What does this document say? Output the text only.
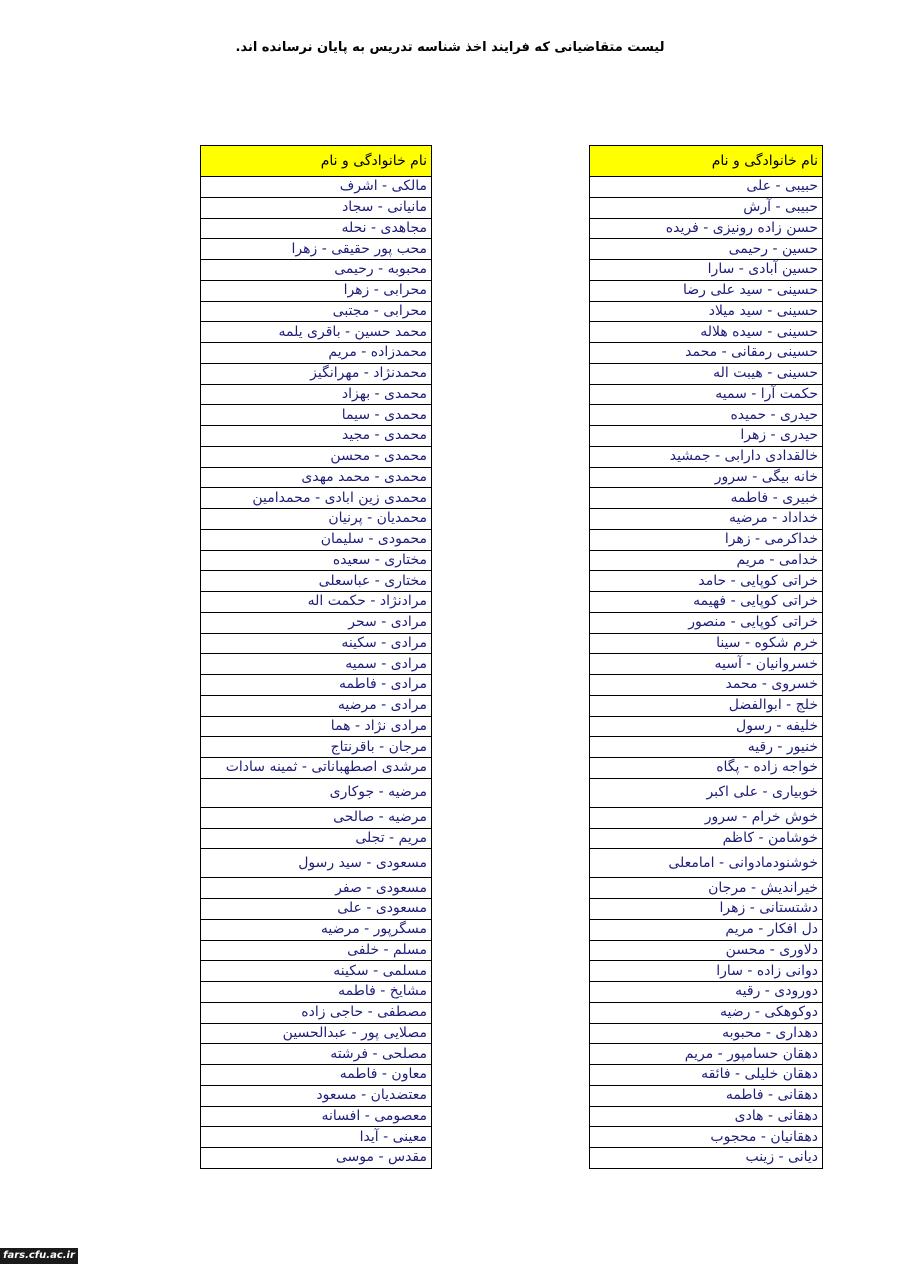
لیست متقاضیانی که فرایند اخذ شناسه تدریس به پایان نرسانده اند.
نام خانوادگی و نام
مالکی - اشرف
مانیانی - سجاد
مجاهدی - نحله
محب پور حقیقی - زهرا
محبوبه - رحیمی
محرابی - زهرا
محرابی - مجتبی
محمد حسین - باقری یلمه
محمدزاده - مریم
محمدنژاد - مهرانگیز
محمدی - بهزاد
محمدی - سیما
محمدی - مجید
محمدی - محسن
محمدی - محمد مهدی
محمدی زین ابادی - محمدامین
محمدیان - پرنیان
محمودی - سلیمان
مختاری - سعیده
مختاری - عباسعلی
مرادنژاد - حکمت اله
مرادی - سحر
مرادی - سکینه
مرادی - سمیه
مرادی - فاطمه
مرادی - مرضیه
مرادی نژاد - هما
مرجان - باقرنتاج
مرشدی اصطهباناتی - ثمینه سادات
مرضیه - جوکاری
مرضیه - صالحی
مریم - تجلی
مسعودی - سید رسول
مسعودی - صفر
مسعودی - علی
مسگرپور - مرضیه
مسلم - خلفی
مسلمی - سکینه
مشایخ - فاطمه
مصطفی - حاجی زاده
مصلایی پور - عبدالحسین
مصلحی - فرشته
معاون - فاطمه
معتضدیان - مسعود
معصومی - افسانه
معینی - آیدا
مقدس - موسی
نام خانوادگی و نام
حبیبی - علی
حبیبی - آرش
حسن زاده رونیزی - فریده
حسین - رحیمی
حسین آبادی - سارا
حسینی - سید علی رضا
حسینی - سید میلاد
حسینی - سیده هلاله
حسینی رمقانی - محمد
حسینی - هیبت اله
حکمت آرا - سمیه
حیدری - حمیده
حیدری - زهرا
خالقدادی دارابی - جمشید
خانه بیگی - سرور
خبیری - فاطمه
خداداد - مرضیه
خداکرمی - زهرا
خدامی - مریم
خراتی کوپایی - حامد
خراتی کوپایی - فهیمه
خراتی کوپایی - منصور
خرم شکوه - سینا
خسروانیان - آسیه
خسروی - محمد
خلج - ابوالفضل
خلیفه - رسول
خنیور - رقیه
خواجه زاده - پگاه
خوبیاری - علی اکبر
خوش خرام - سرور
خوشامن - کاظم
خوشنودمادوانی - امامعلی
خیراندیش - مرجان
دشتستانی - زهرا
دل افکار - مریم
دلاوری - محسن
دوانی زاده - سارا
دورودی - رقیه
دوکوهکی - رضیه
دهداری - محبوبه
دهقان حسامپور - مریم
دهقان خلیلی - فائقه
دهقانی - فاطمه
دهقانی - هادی
دهقانیان - محجوب
دیانی - زینب
fars.cfu.ac.ir
